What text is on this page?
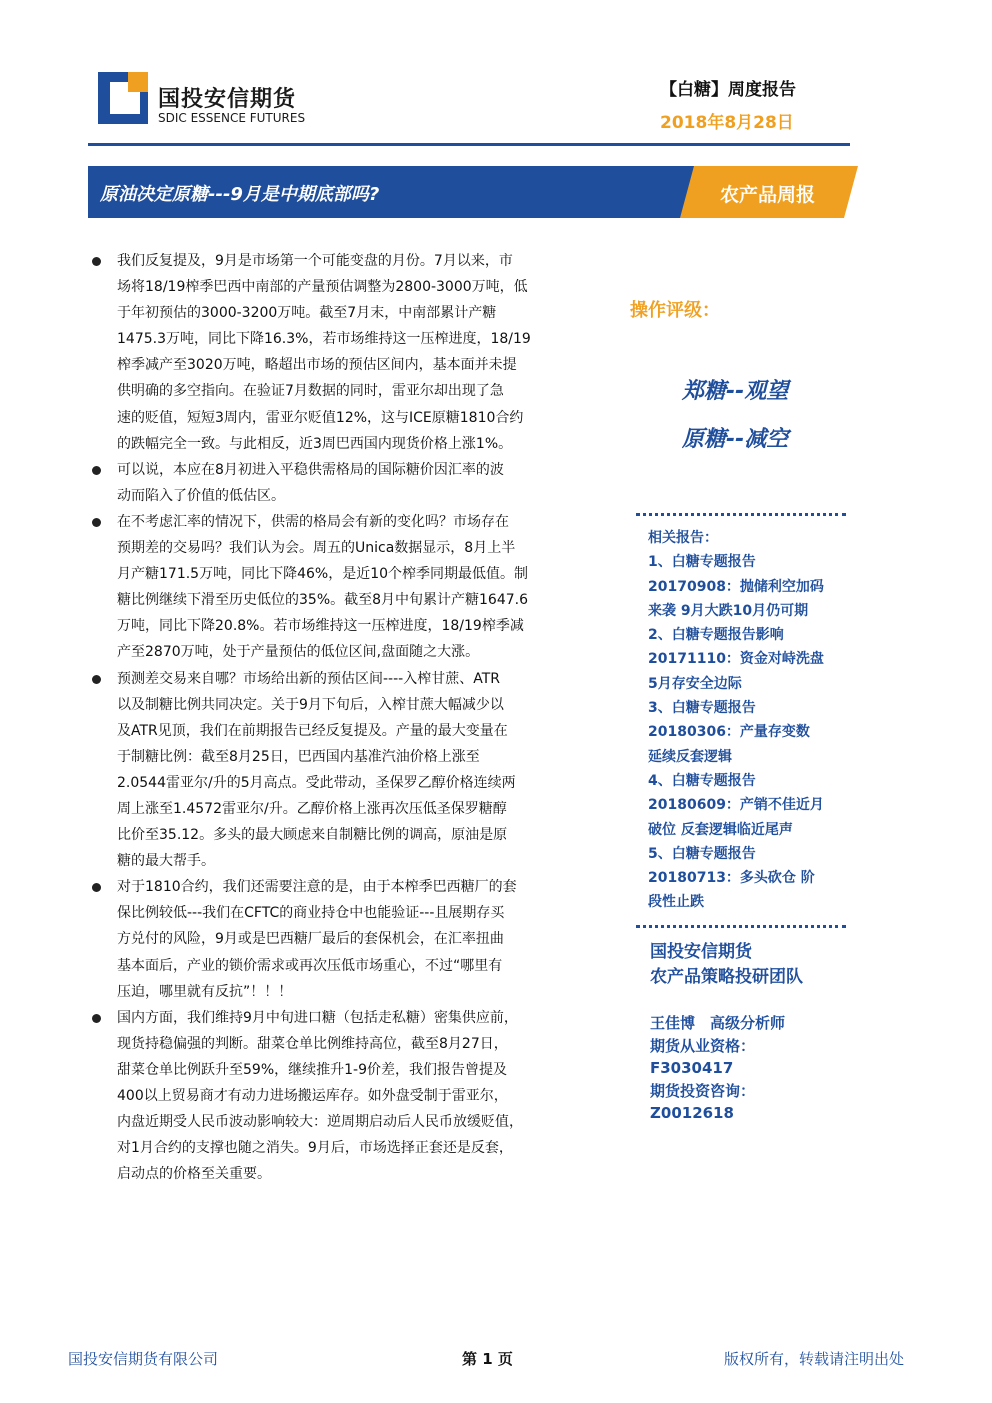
国投安信期货
SDIC ESSENCE FUTURES
【白糖】周度报告
2018年8月28日
原油决定原糖---9月是中期底部吗?	农产品周报
我们反复提及，9月是市场第一个可能变盘的月份。7月以来，市
场将18/19榨季巴西中南部的产量预估调整为2800-3000万吨，低
于年初预估的3000-3200万吨。截至7月末，中南部累计产糖
1475.3万吨，同比下降16.3%，若市场维持这一压榨进度，18/19
榨季减产至3020万吨，略超出市场的预估区间内，基本面并未提
供明确的多空指向。在验证7月数据的同时，雷亚尔却出现了急
速的贬值，短短3周内，雷亚尔贬值12%，这与ICE原糖1810合约
的跌幅完全一致。与此相反，近3周巴西国内现货价格上涨1%。
可以说，本应在8月初进入平稳供需格局的国际糖价因汇率的波
动而陷入了价值的低估区。
在不考虑汇率的情况下，供需的格局会有新的变化吗？市场存在
预期差的交易吗？我们认为会。周五的Unica数据显示，8月上半
月产糖171.5万吨，同比下降46%，是近10个榨季同期最低值。制
糖比例继续下滑至历史低位的35%。截至8月中旬累计产糖1647.6
万吨，同比下降20.8%。若市场维持这一压榨进度，18/19榨季减
产至2870万吨，处于产量预估的低位区间,盘面随之大涨。
预测差交易来自哪？市场给出新的预估区间----入榨甘蔗、ATR
以及制糖比例共同决定。关于9月下旬后，入榨甘蔗大幅减少以
及ATR见顶，我们在前期报告已经反复提及。产量的最大变量在
于制糖比例：截至8月25日，巴西国内基准汽油价格上涨至
2.0544雷亚尔/升的5月高点。受此带动，圣保罗乙醇价格连续两
周上涨至1.4572雷亚尔/升。乙醇价格上涨再次压低圣保罗糖醇
比价至35.12。多头的最大顾虑来自制糖比例的调高，原油是原
糖的最大帮手。
对于1810合约，我们还需要注意的是，由于本榨季巴西糖厂的套
保比例较低---我们在CFTC的商业持仓中也能验证---且展期存买
方兑付的风险，9月或是巴西糖厂最后的套保机会，在汇率扭曲
基本面后，产业的锁价需求或再次压低市场重心，不过“哪里有
压迫，哪里就有反抗”！！！
国内方面，我们维持9月中旬进口糖（包括走私糖）密集供应前，
现货持稳偏强的判断。甜菜仓单比例维持高位，截至8月27日，
甜菜仓单比例跃升至59%，继续推升1-9价差，我们报告曾提及
400以上贸易商才有动力进场搬运库存。如外盘受制于雷亚尔，
内盘近期受人民币波动影响较大：逆周期启动后人民币放缓贬值，
对1月合约的支撑也随之消失。9月后，市场选择正套还是反套，
启动点的价格至关重要。
操作评级：
郑糖--观望
原糖--减空
相关报告：
1、白糖专题报告
20170908：抛储利空加码
来袭 9月大跌10月仍可期
2、白糖专题报告影响
20171110：资金对峙洗盘
5月存安全边际
3、白糖专题报告
20180306：产量存变数
延续反套逻辑
4、白糖专题报告
20180609：产销不佳近月
破位 反套逻辑临近尾声
5、白糖专题报告
20180713：多头砍仓 阶
段性止跌
国投安信期货
农产品策略投研团队
王佳博　高级分析师
期货从业资格：
F3030417
期货投资咨询：
Z0012618
国投安信期货有限公司	第 1 页	版权所有，转载请注明出处
